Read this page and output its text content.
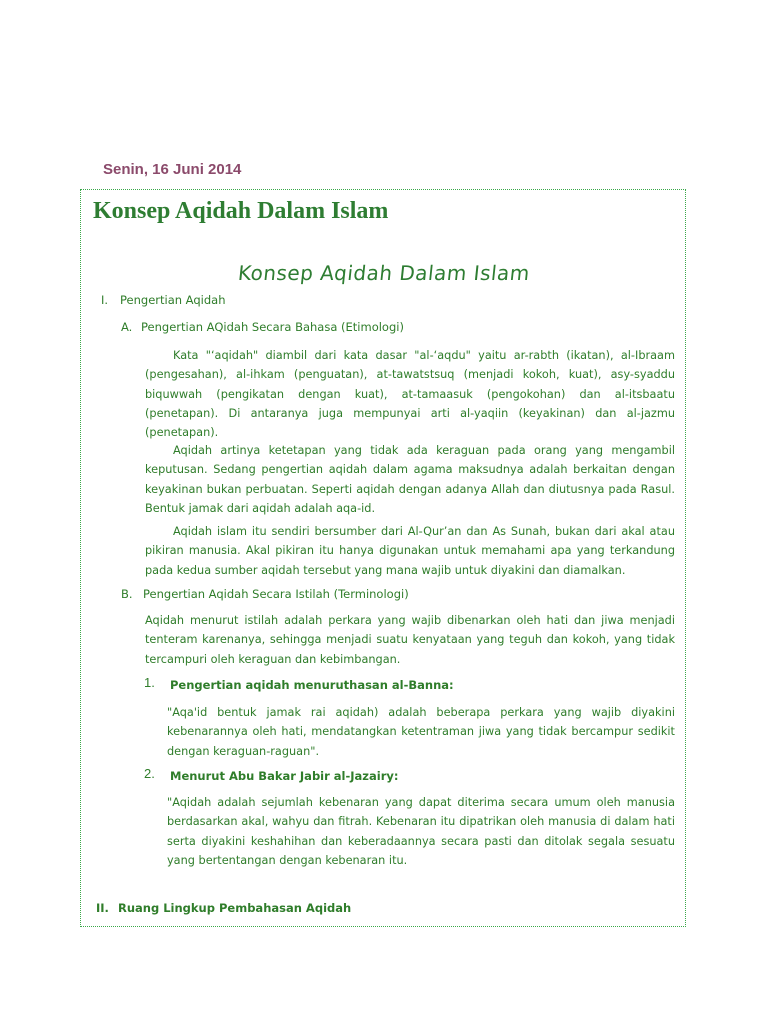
Senin, 16 Juni 2014
Konsep Aqidah Dalam Islam
Konsep Aqidah Dalam Islam
I. Pengertian Aqidah
A. Pengertian AQidah Secara Bahasa (Etimologi)
Kata "‘aqidah" diambil dari kata dasar "al-‘aqdu" yaitu ar-rabth (ikatan), al-Ibraam (pengesahan), al-ihkam (penguatan), at-tawatstsuq (menjadi kokoh, kuat), asy-syaddu biquwwah (pengikatan dengan kuat), at-tamaasuk (pengokohan) dan al-itsbaatu (penetapan). Di antaranya juga mempunyai arti al-yaqiin (keyakinan) dan al-jazmu (penetapan).
Aqidah artinya ketetapan yang tidak ada keraguan pada orang yang mengambil keputusan. Sedang pengertian aqidah dalam agama maksudnya adalah berkaitan dengan keyakinan bukan perbuatan. Seperti aqidah dengan adanya Allah dan diutusnya pada Rasul. Bentuk jamak dari aqidah adalah aqa-id.
Aqidah islam itu sendiri bersumber dari Al-Qur’an dan As Sunah, bukan dari akal atau pikiran manusia. Akal pikiran itu hanya digunakan untuk memahami apa yang terkandung pada kedua sumber aqidah tersebut yang mana wajib untuk diyakini dan diamalkan.
B. Pengertian Aqidah Secara Istilah (Terminologi)
Aqidah menurut istilah adalah perkara yang wajib dibenarkan oleh hati dan jiwa menjadi tenteram karenanya, sehingga menjadi suatu kenyataan yang teguh dan kokoh, yang tidak tercampuri oleh keraguan dan kebimbangan.
1. Pengertian aqidah menuruthasan al-Banna:
"Aqa'id bentuk jamak rai aqidah) adalah beberapa perkara yang wajib diyakini kebenarannya oleh hati, mendatangkan ketentraman jiwa yang tidak bercampur sedikit dengan keraguan-raguan".
2. Menurut Abu Bakar Jabir al-Jazairy:
"Aqidah adalah sejumlah kebenaran yang dapat diterima secara umum oleh manusia berdasarkan akal, wahyu dan fitrah. Kebenaran itu dipatrikan oleh manusia di dalam hati serta diyakini keshahihan dan keberadaannya secara pasti dan ditolak segala sesuatu yang bertentangan dengan kebenaran itu.
II. Ruang Lingkup Pembahasan Aqidah
